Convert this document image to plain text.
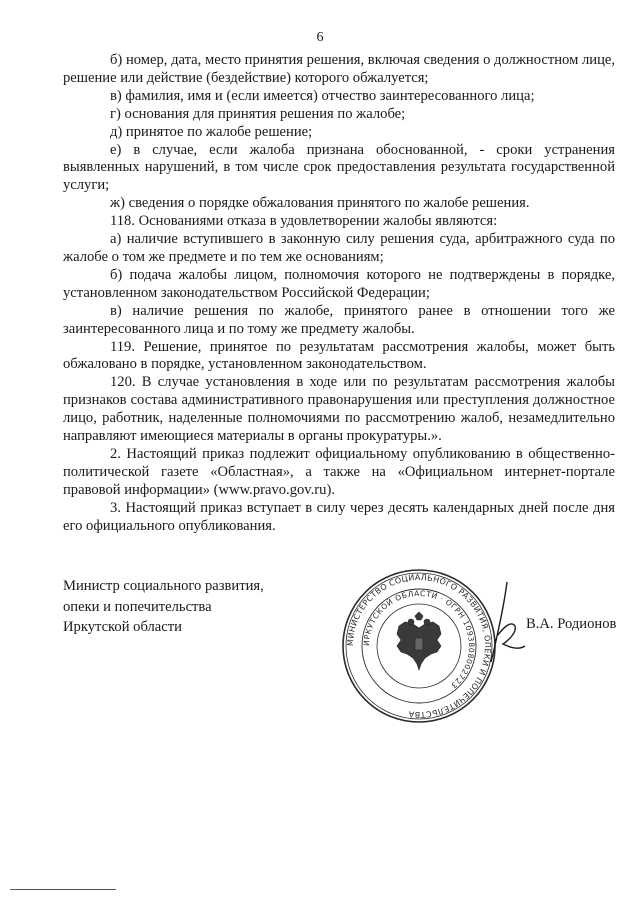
6

б) номер, дата, место принятия решения, включая сведения о должностном лице, решение или действие (бездействие) которого обжалуется;

в) фамилия, имя и (если имеется) отчество заинтересованного лица;

г) основания для принятия решения по жалобе;

д) принятое по жалобе решение;

е) в случае, если жалоба признана обоснованной, - сроки устранения выявленных нарушений, в том числе срок предоставления результата государственной услуги;

ж) сведения о порядке обжалования принятого по жалобе решения.

118. Основаниями отказа в удовлетворении жалобы являются:

а) наличие вступившего в законную силу решения суда, арбитражного суда по жалобе о том же предмете и по тем же основаниям;

б) подача жалобы лицом, полномочия которого не подтверждены в порядке, установленном законодательством Российской Федерации;

в) наличие решения по жалобе, принятого ранее в отношении того же заинтересованного лица и по тому же предмету жалобы.

119. Решение, принятое по результатам рассмотрения жалобы, может быть обжаловано в порядке, установленном законодательством.

120. В случае установления в ходе или по результатам рассмотрения жалобы признаков состава административного правонарушения или преступления должностное лицо, работник, наделенные полномочиями по рассмотрению жалоб, незамедлительно направляют имеющиеся материалы в органы прокуратуры.».

2. Настоящий приказ подлежит официальному опубликованию в общественно-политической газете «Областная», а также на «Официальном интернет-портале правовой информации» (www.pravo.gov.ru).

3. Настоящий приказ вступает в силу через десять календарных дней после дня его официального опубликования.

Министр социального развития,
опеки и попечительства
Иркутской области
МИНИСТЕРСТВО СОЦИАЛЬНОГО РАЗВИТИЯ, ОПЕКИ И ПОПЕЧИТЕЛЬСТВА
ИРКУТСКОЙ ОБЛАСТИ · ОГРН 1093808002723
В.А. Родионов
